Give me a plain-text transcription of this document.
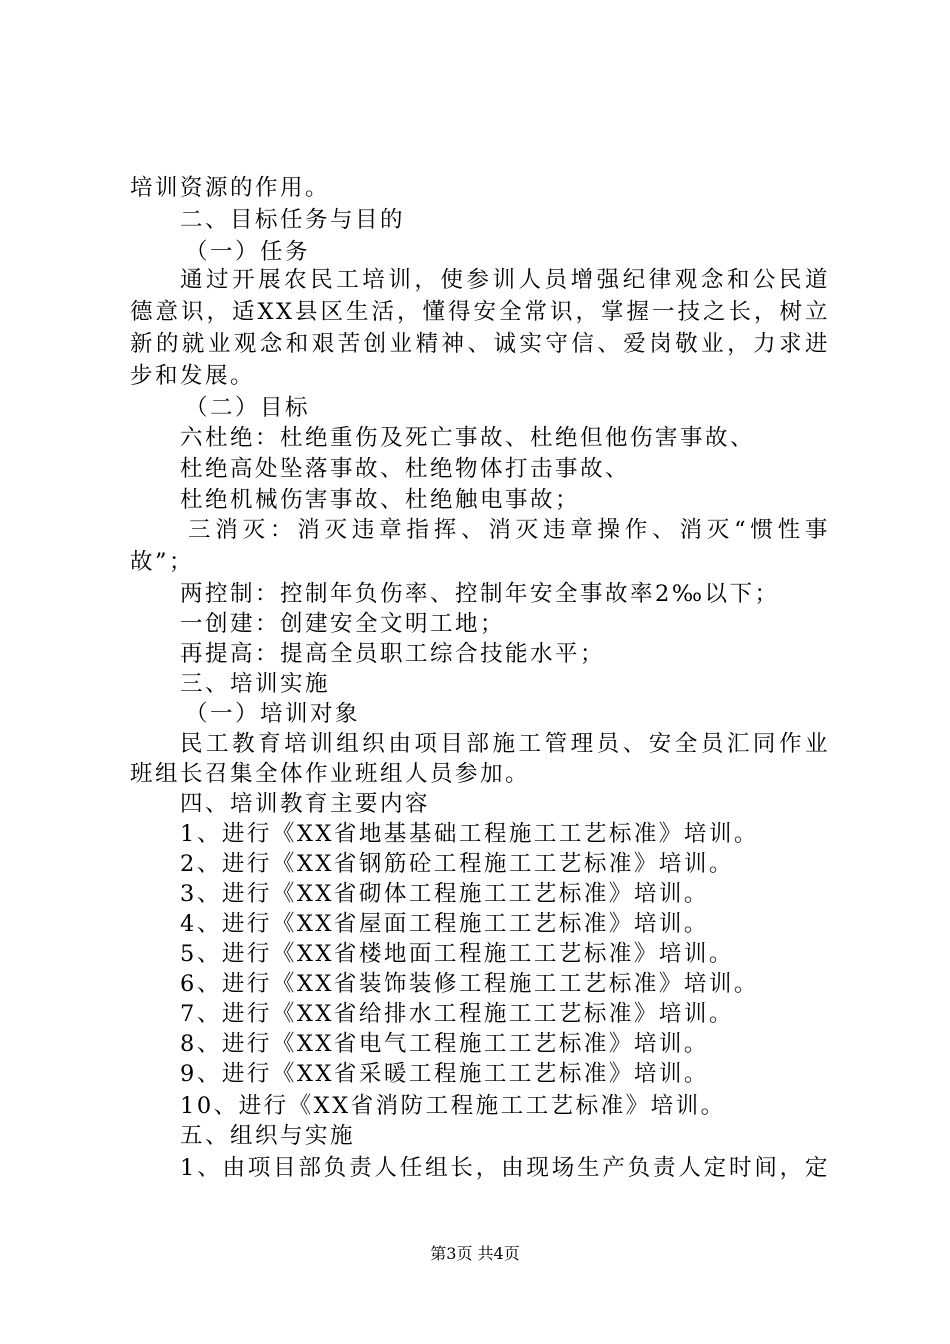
培训资源的作用。
二、目标任务与目的
（一）任务
通过开展农民工培训，使参训人员增强纪律观念和公民道
德意识，适XX县区生活，懂得安全常识，掌握一技之长，树立
新的就业观念和艰苦创业精神、诚实守信、爱岗敬业，力求进
步和发展。
（二）目标
六杜绝：杜绝重伤及死亡事故、杜绝但他伤害事故、
杜绝高处坠落事故、杜绝物体打击事故、
杜绝机械伤害事故、杜绝触电事故；
三消灭：消灭违章指挥、消灭违章操作、消灭“惯性事
故”；
两控制：控制年负伤率、控制年安全事故率2‰以下；
一创建：创建安全文明工地；
再提高：提高全员职工综合技能水平；
三、培训实施
（一）培训对象
民工教育培训组织由项目部施工管理员、安全员汇同作业
班组长召集全体作业班组人员参加。
四、培训教育主要内容
1、进行《XX省地基基础工程施工工艺标准》培训。
2、进行《XX省钢筋砼工程施工工艺标准》培训。
3、进行《XX省砌体工程施工工艺标准》培训。
4、进行《XX省屋面工程施工工艺标准》培训。
5、进行《XX省楼地面工程施工工艺标准》培训。
6、进行《XX省装饰装修工程施工工艺标准》培训。
7、进行《XX省给排水工程施工工艺标准》培训。
8、进行《XX省电气工程施工工艺标准》培训。
9、进行《XX省采暖工程施工工艺标准》培训。
10、进行《XX省消防工程施工工艺标准》培训。
五、组织与实施
1、由项目部负责人任组长，由现场生产负责人定时间，定
第3页 共4页
